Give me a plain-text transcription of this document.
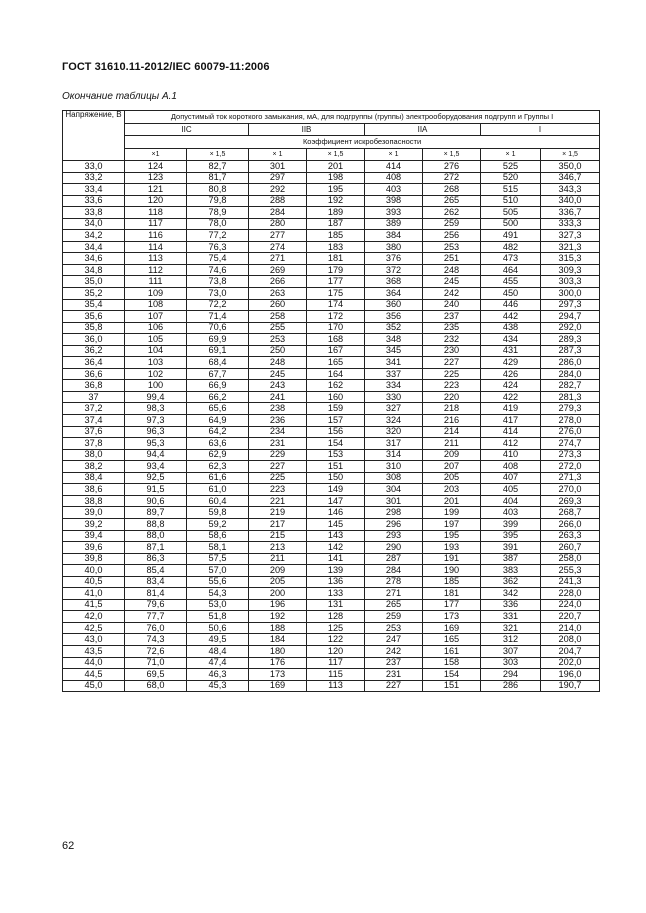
ГОСТ 31610.11-2012/IEC 60079-11:2006
Окончание таблицы А.1
Напряжение, В	Допустимый ток короткого замыкания, мА, для подгруппы (группы) электрооборудования подгрупп и Группы I							
	IIC		IIB		IIA		I	
	Коэффициент искробезопасности							
	×1	× 1,5	× 1	× 1,5	× 1	× 1,5	× 1	× 1,5
33,0	124	82,7	301	201	414	276	525	350,0
33,2	123	81,7	297	198	408	272	520	346,7
33,4	121	80,8	292	195	403	268	515	343,3
33,6	120	79,8	288	192	398	265	510	340,0
33,8	118	78,9	284	189	393	262	505	336,7
34,0	117	78,0	280	187	389	259	500	333,3
34,2	116	77,2	277	185	384	256	491	327,3
34,4	114	76,3	274	183	380	253	482	321,3
34,6	113	75,4	271	181	376	251	473	315,3
34,8	112	74,6	269	179	372	248	464	309,3
35,0	111	73,8	266	177	368	245	455	303,3
35,2	109	73,0	263	175	364	242	450	300,0
35,4	108	72,2	260	174	360	240	446	297,3
35,6	107	71,4	258	172	356	237	442	294,7
35,8	106	70,6	255	170	352	235	438	292,0
36,0	105	69,9	253	168	348	232	434	289,3
36,2	104	69,1	250	167	345	230	431	287,3
36,4	103	68,4	248	165	341	227	429	286,0
36,6	102	67,7	245	164	337	225	426	284,0
36,8	100	66,9	243	162	334	223	424	282,7
37	99,4	66,2	241	160	330	220	422	281,3
37,2	98,3	65,6	238	159	327	218	419	279,3
37,4	97,3	64,9	236	157	324	216	417	278,0
37,6	96,3	64,2	234	156	320	214	414	276,0
37,8	95,3	63,6	231	154	317	211	412	274,7
38,0	94,4	62,9	229	153	314	209	410	273,3
38,2	93,4	62,3	227	151	310	207	408	272,0
38,4	92,5	61,6	225	150	308	205	407	271,3
38,6	91,5	61,0	223	149	304	203	405	270,0
38,8	90,6	60,4	221	147	301	201	404	269,3
39,0	89,7	59,8	219	146	298	199	403	268,7
39,2	88,8	59,2	217	145	296	197	399	266,0
39,4	88,0	58,6	215	143	293	195	395	263,3
39,6	87,1	58,1	213	142	290	193	391	260,7
39,8	86,3	57,5	211	141	287	191	387	258,0
40,0	85,4	57,0	209	139	284	190	383	255,3
40,5	83,4	55,6	205	136	278	185	362	241,3
41,0	81,4	54,3	200	133	271	181	342	228,0
41,5	79,6	53,0	196	131	265	177	336	224,0
42,0	77,7	51,8	192	128	259	173	331	220,7
42,5	76,0	50,6	188	125	253	169	321	214,0
43,0	74,3	49,5	184	122	247	165	312	208,0
43,5	72,6	48,4	180	120	242	161	307	204,7
44,0	71,0	47,4	176	117	237	158	303	202,0
44,5	69,5	46,3	173	115	231	154	294	196,0
45,0	68,0	45,3	169	113	227	151	286	190,7
62
